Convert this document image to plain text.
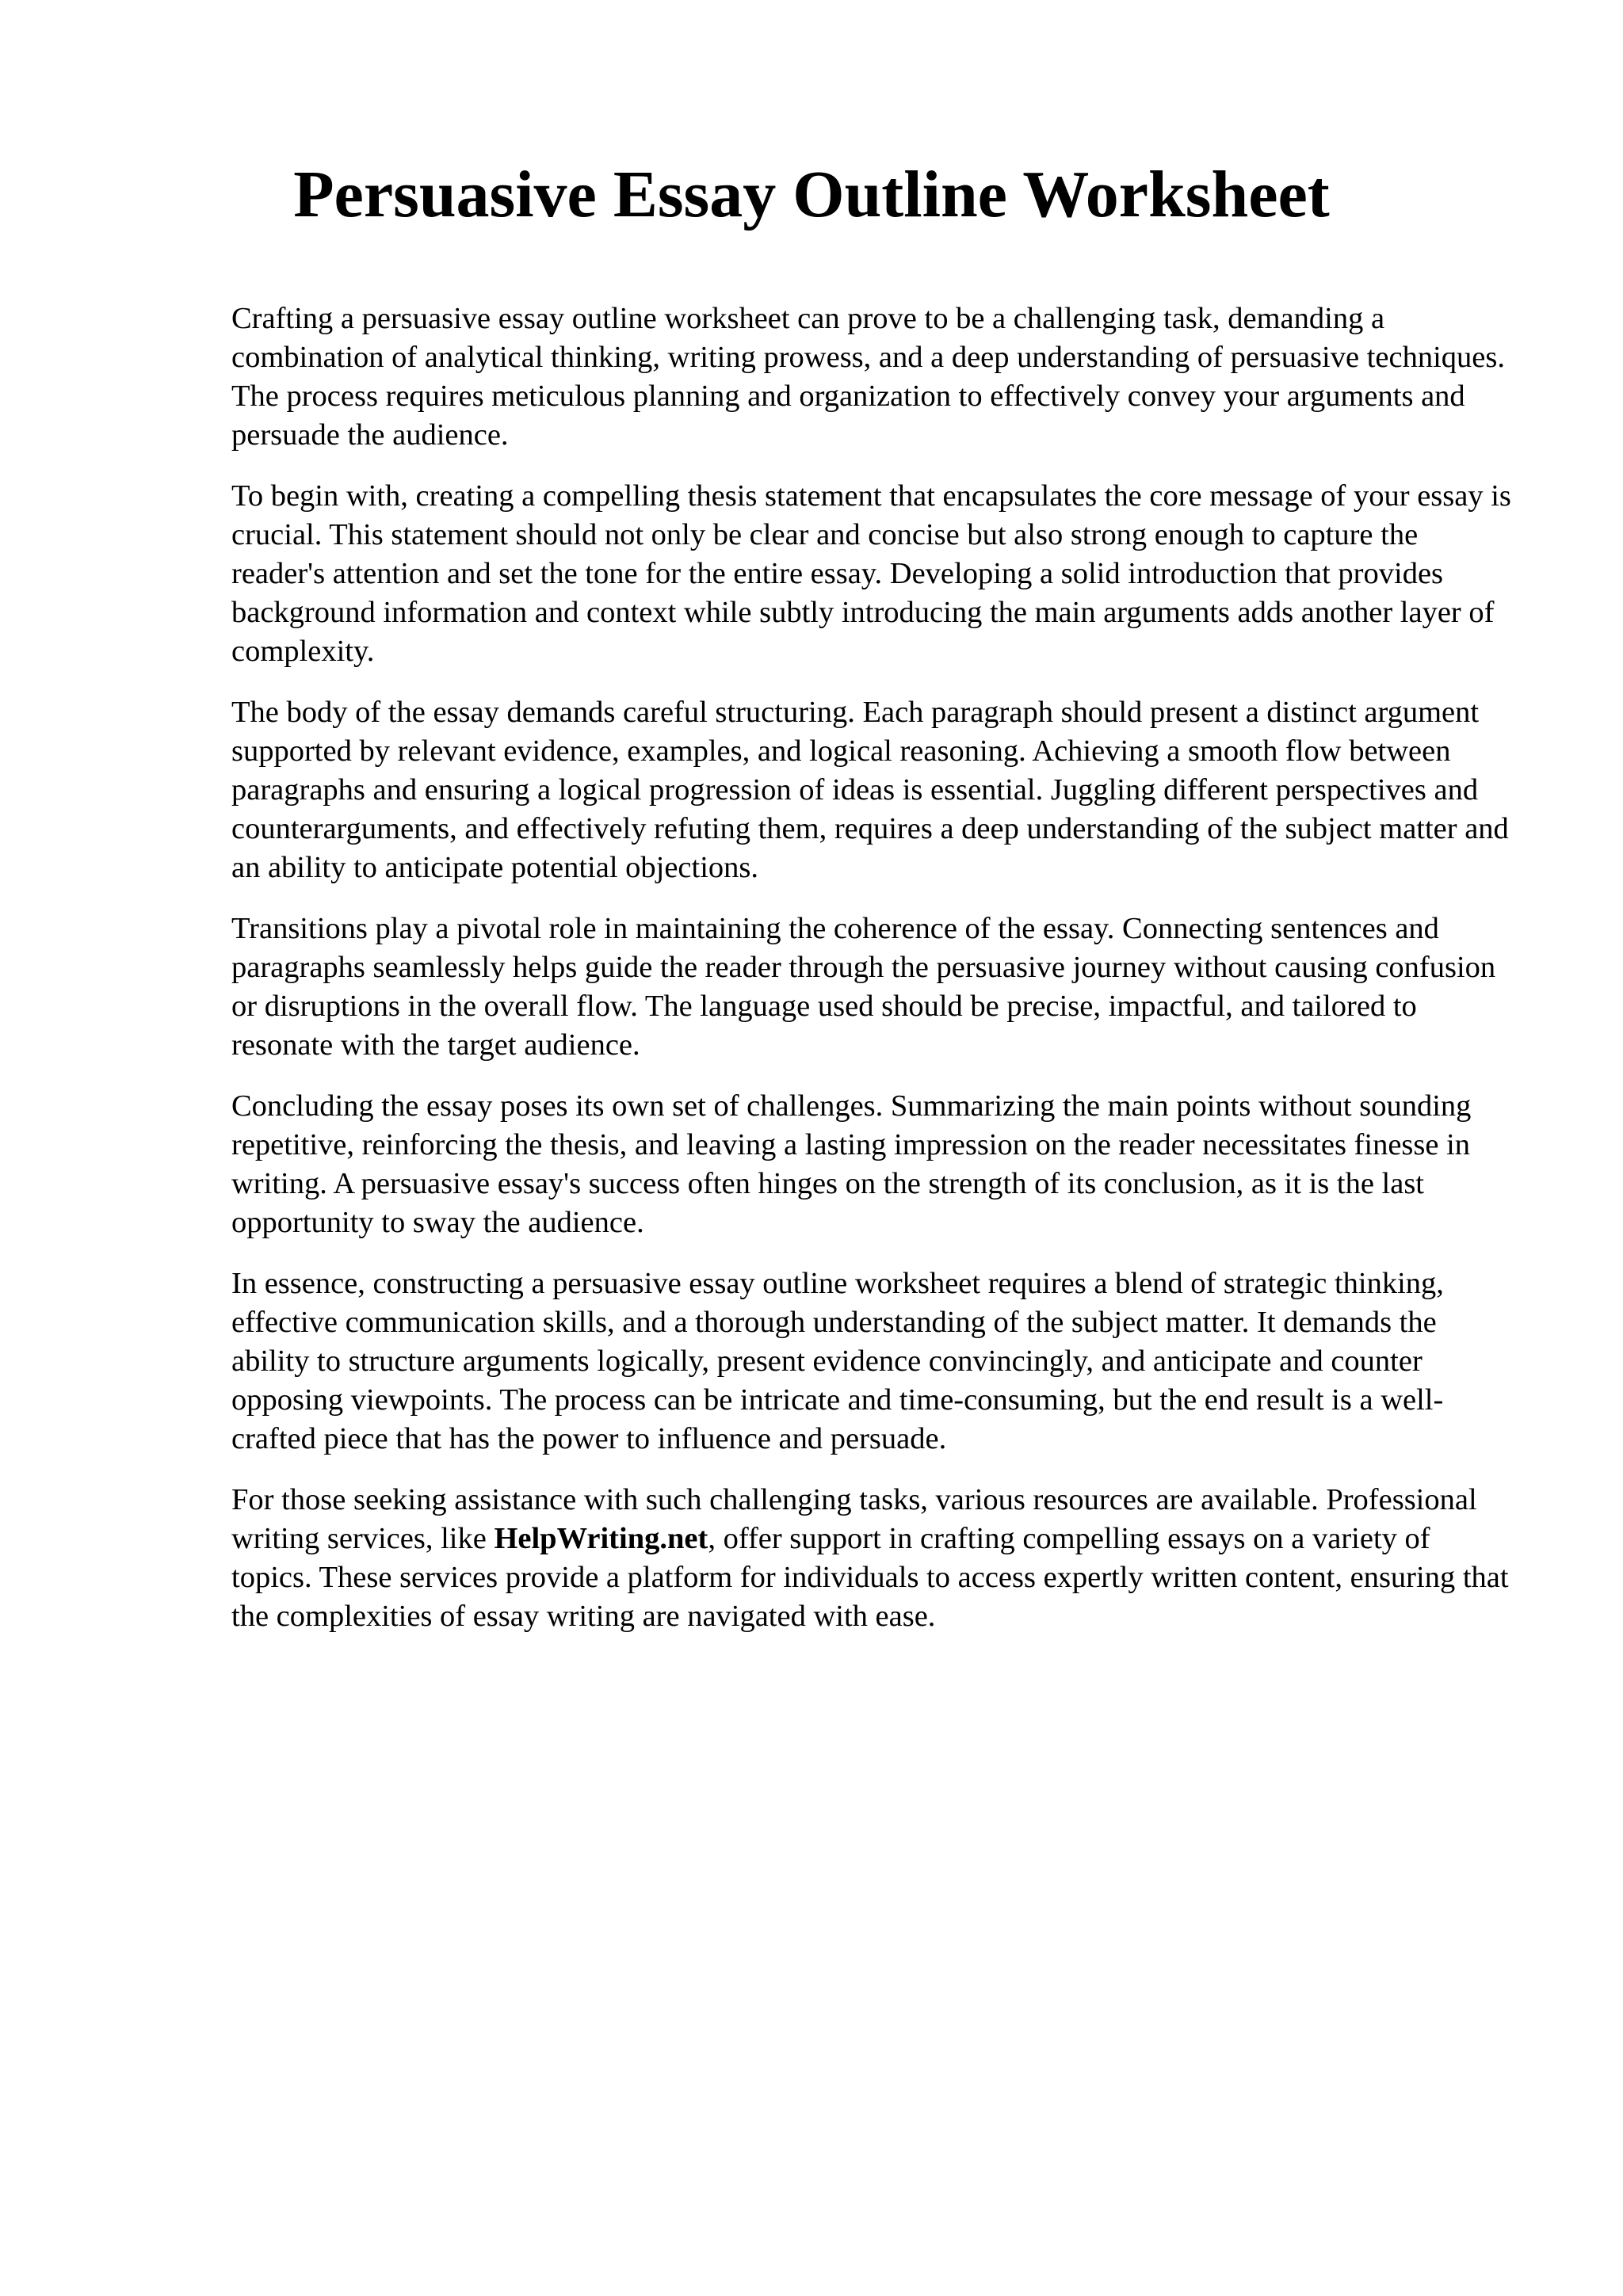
Persuasive Essay Outline Worksheet

Crafting a persuasive essay outline worksheet can prove to be a challenging task, demanding a combination of analytical thinking, writing prowess, and a deep understanding of persuasive techniques. The process requires meticulous planning and organization to effectively convey your arguments and persuade the audience.

To begin with, creating a compelling thesis statement that encapsulates the core message of your essay is crucial. This statement should not only be clear and concise but also strong enough to capture the reader's attention and set the tone for the entire essay. Developing a solid introduction that provides background information and context while subtly introducing the main arguments adds another layer of complexity.

The body of the essay demands careful structuring. Each paragraph should present a distinct argument supported by relevant evidence, examples, and logical reasoning. Achieving a smooth flow between paragraphs and ensuring a logical progression of ideas is essential. Juggling different perspectives and counterarguments, and effectively refuting them, requires a deep understanding of the subject matter and an ability to anticipate potential objections.

Transitions play a pivotal role in maintaining the coherence of the essay. Connecting sentences and paragraphs seamlessly helps guide the reader through the persuasive journey without causing confusion or disruptions in the overall flow. The language used should be precise, impactful, and tailored to resonate with the target audience.

Concluding the essay poses its own set of challenges. Summarizing the main points without sounding repetitive, reinforcing the thesis, and leaving a lasting impression on the reader necessitates finesse in writing. A persuasive essay's success often hinges on the strength of its conclusion, as it is the last opportunity to sway the audience.

In essence, constructing a persuasive essay outline worksheet requires a blend of strategic thinking, effective communication skills, and a thorough understanding of the subject matter. It demands the ability to structure arguments logically, present evidence convincingly, and anticipate and counter opposing viewpoints. The process can be intricate and time-consuming, but the end result is a well-crafted piece that has the power to influence and persuade.

For those seeking assistance with such challenging tasks, various resources are available. Professional writing services, like HelpWriting.net, offer support in crafting compelling essays on a variety of topics. These services provide a platform for individuals to access expertly written content, ensuring that the complexities of essay writing are navigated with ease.
